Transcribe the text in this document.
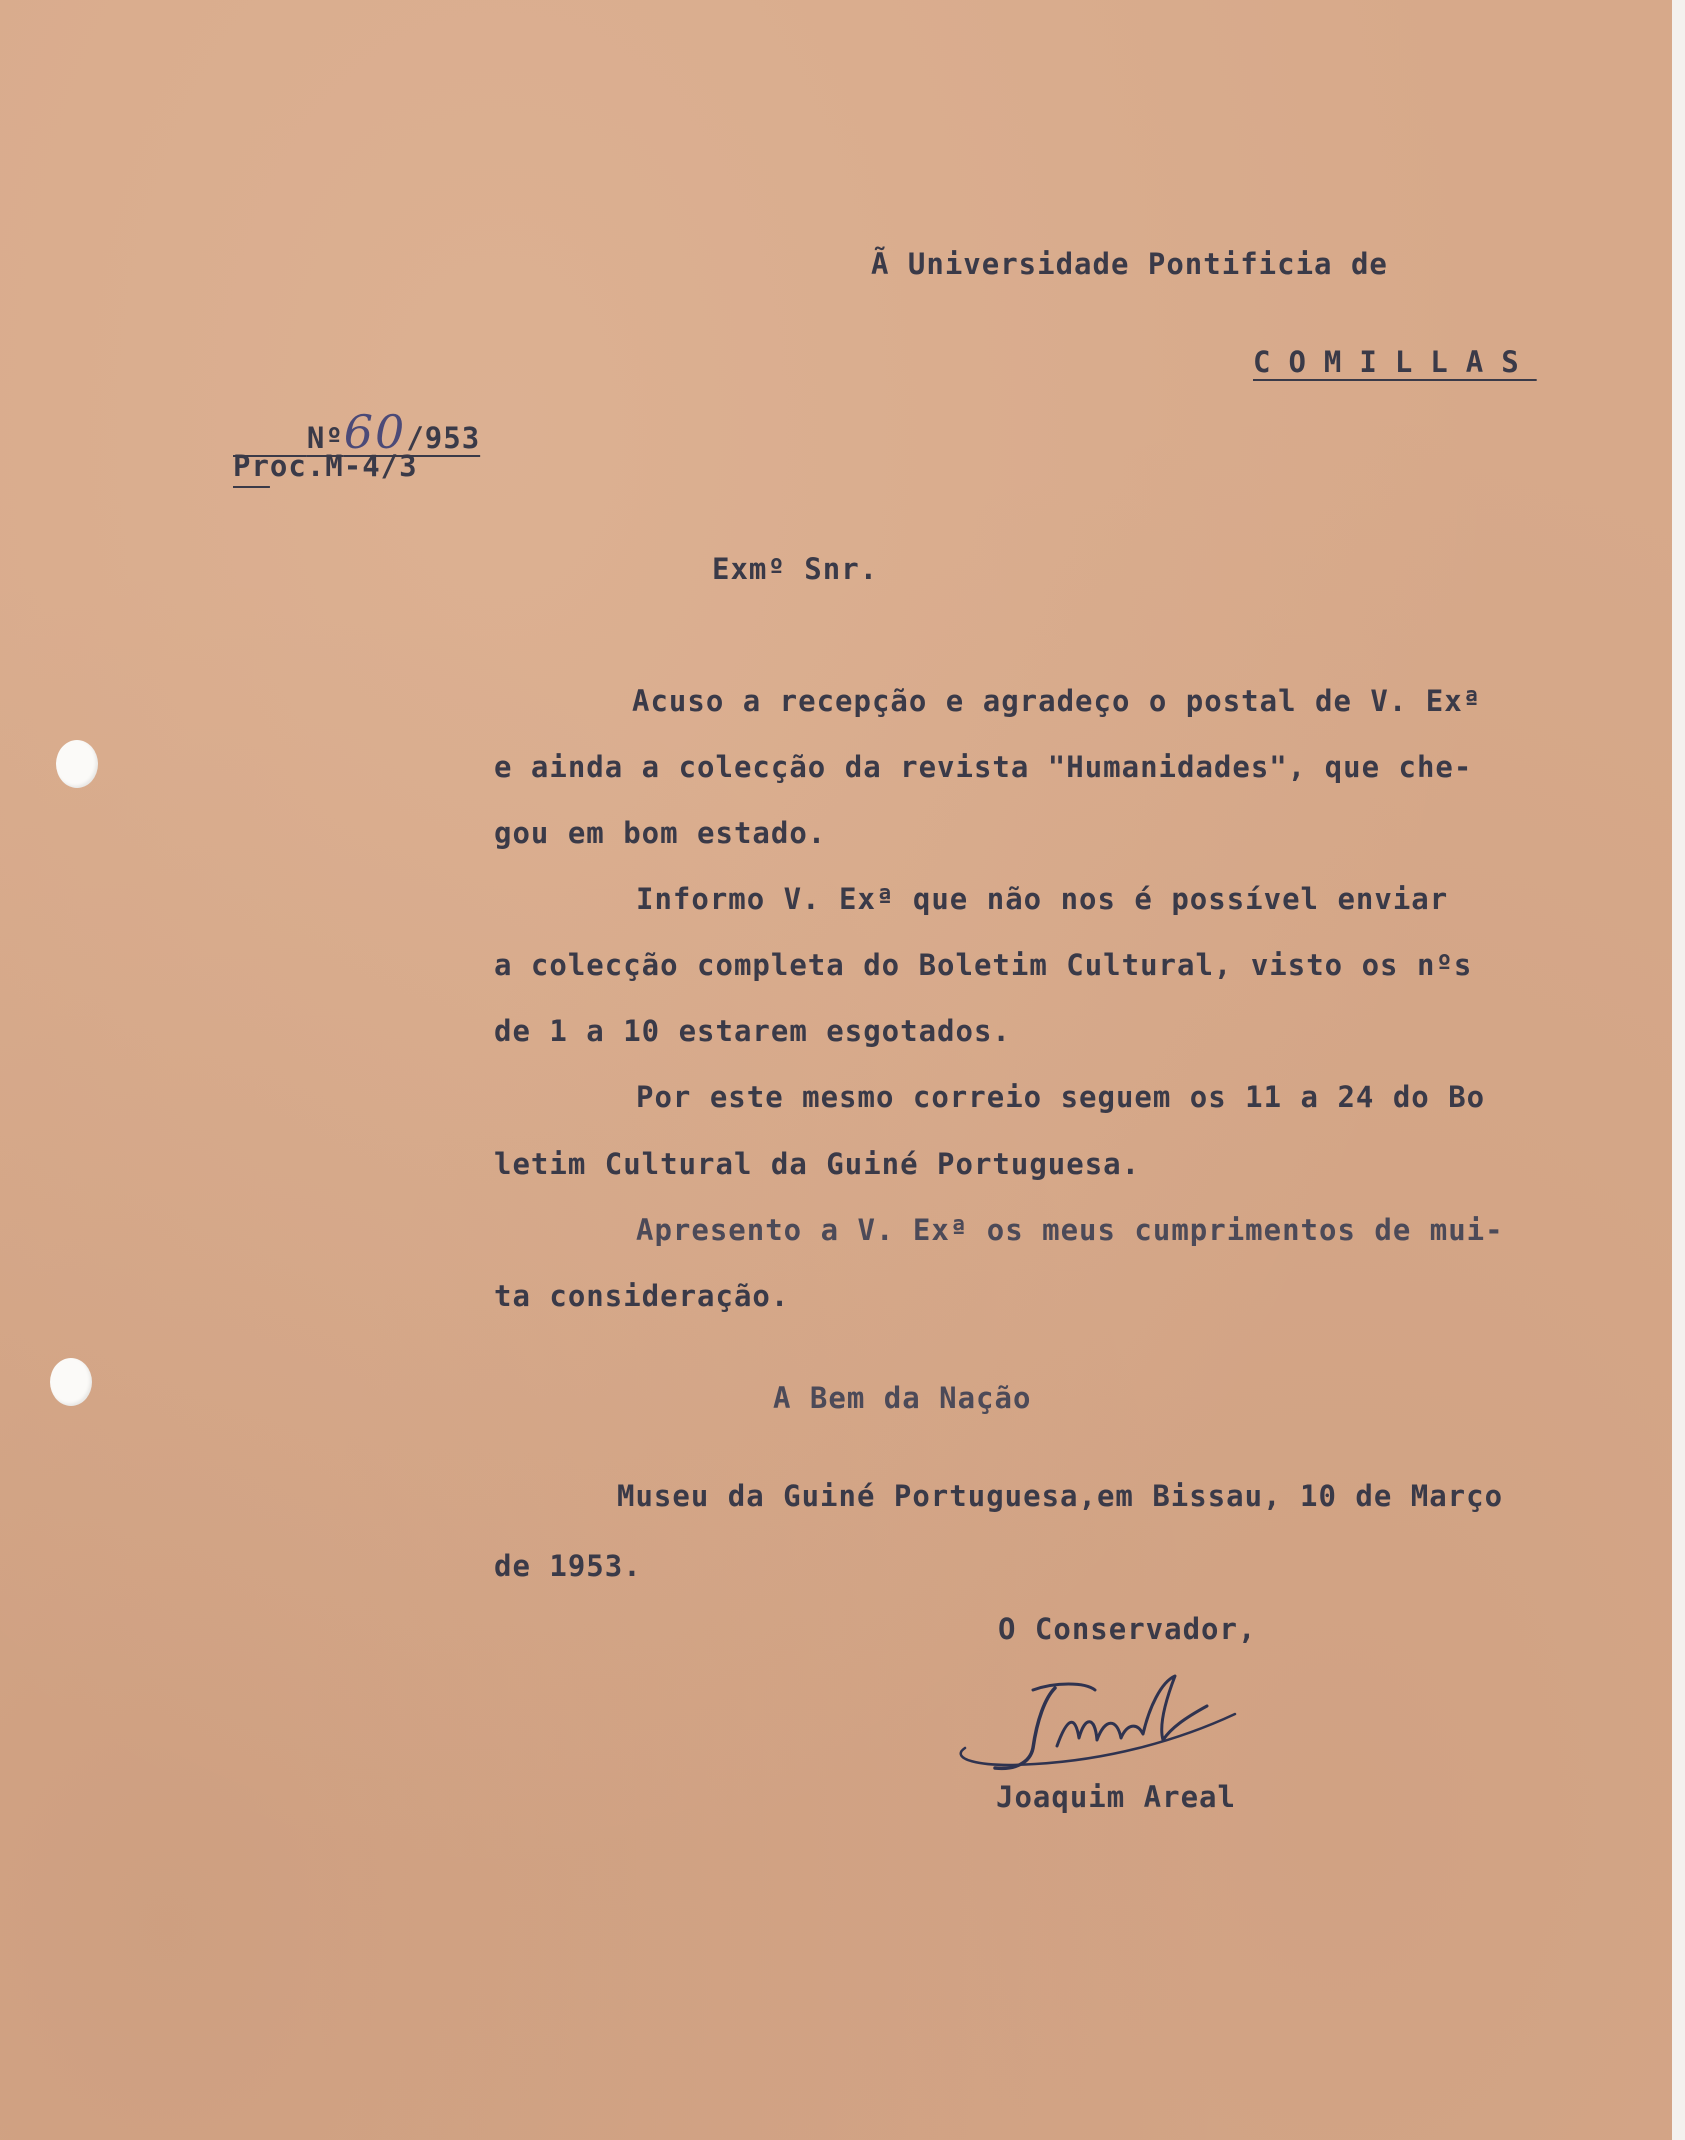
Ã Universidade Pontificia de
COMILLAS

Nº60/953

Proc.M-4/3
Exmº Snr.
Acuso a recepção e agradeço o postal de V. Exª
e ainda a colecção da revista "Humanidades", que che-
gou em bom estado.
Informo V. Exª que não nos é possível enviar
a colecção completa do Boletim Cultural, visto os nºs
de 1 a 10 estarem esgotados.
Por este mesmo correio seguem os 11 a 24 do Bo
letim Cultural da Guiné Portuguesa.
Apresento a V. Exª os meus cumprimentos de mui-
ta consideração.
A Bem da Nação
Museu da Guiné Portuguesa,em Bissau, 10 de Março
de 1953.
O Conservador,
Joaquim Areal
